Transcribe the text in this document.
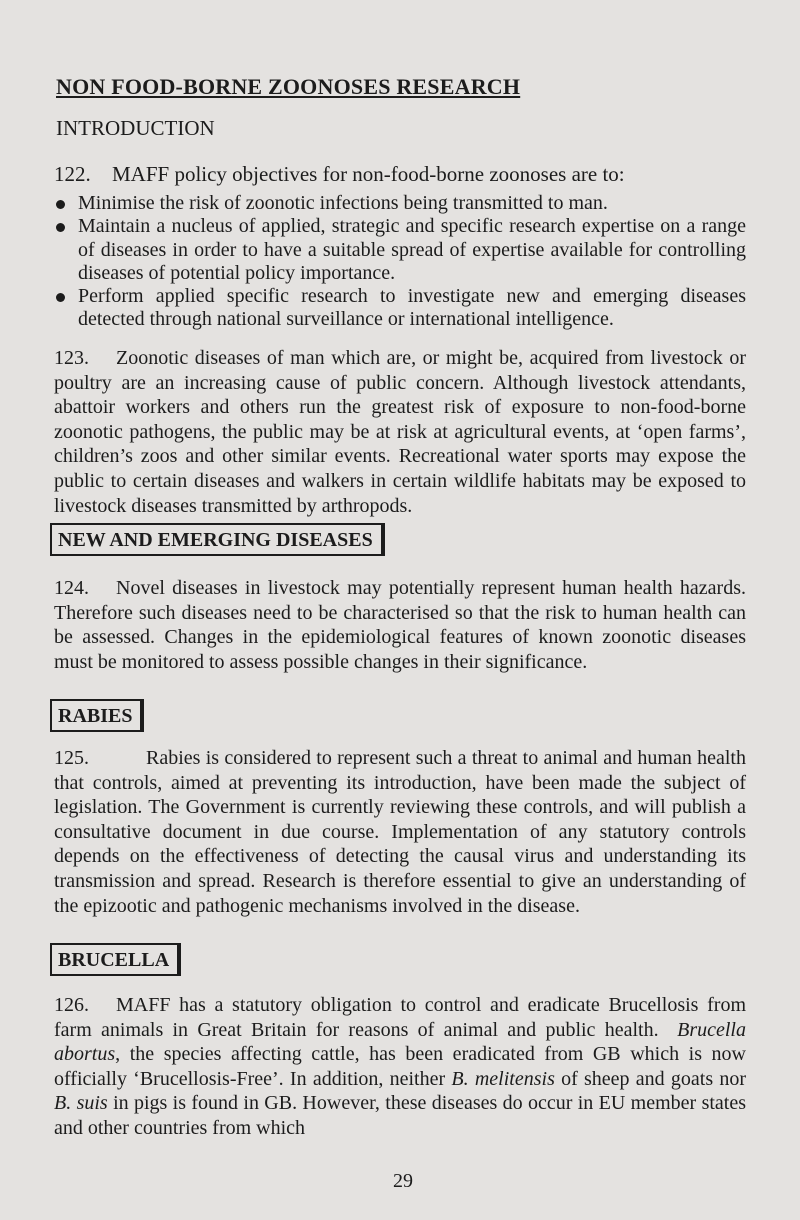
NON FOOD-BORNE ZOONOSES RESEARCH
INTRODUCTION

122. MAFF policy objectives for non-food-borne zoonoses are to:

Minimise the risk of zoonotic infections being transmitted to man.
Maintain a nucleus of applied, strategic and specific research expertise on a range of diseases in order to have a suitable spread of expertise available for controlling diseases of potential policy importance.
Perform applied specific research to investigate new and emerging diseases detected through national surveillance or international intelligence.

123. Zoonotic diseases of man which are, or might be, acquired from livestock or poultry are an increasing cause of public concern. Although livestock attendants, abattoir workers and others run the greatest risk of exposure to non-food-borne zoonotic pathogens, the public may be at risk at agricultural events, at ‘open farms’, children’s zoos and other similar events. Recreational water sports may expose the public to certain diseases and walkers in certain wildlife habitats may be exposed to livestock diseases transmitted by arthropods.

NEW AND EMERGING DISEASES

124. Novel diseases in livestock may potentially represent human health hazards. Therefore such diseases need to be characterised so that the risk to human health can be assessed. Changes in the epidemiological features of known zoonotic diseases must be monitored to assess possible changes in their significance.

RABIES

125.	Rabies is considered to represent such a threat to animal and human health that controls, aimed at preventing its introduction, have been made the subject of legislation. The Government is currently reviewing these controls, and will publish a consultative document in due course. Implementation of any statutory controls depends on the effectiveness of detecting the causal virus and understanding its transmission and spread. Research is therefore essential to give an understanding of the epizootic and pathogenic mechanisms involved in the disease.

BRUCELLA

126. MAFF has a statutory obligation to control and eradicate Brucellosis from farm animals in Great Britain for reasons of animal and public health. Brucella abortus, the species affecting cattle, has been eradicated from GB which is now officially ‘Brucellosis-Free’. In addition, neither B. melitensis of sheep and goats nor B. suis in pigs is found in GB. However, these diseases do occur in EU member states and other countries from which

29
